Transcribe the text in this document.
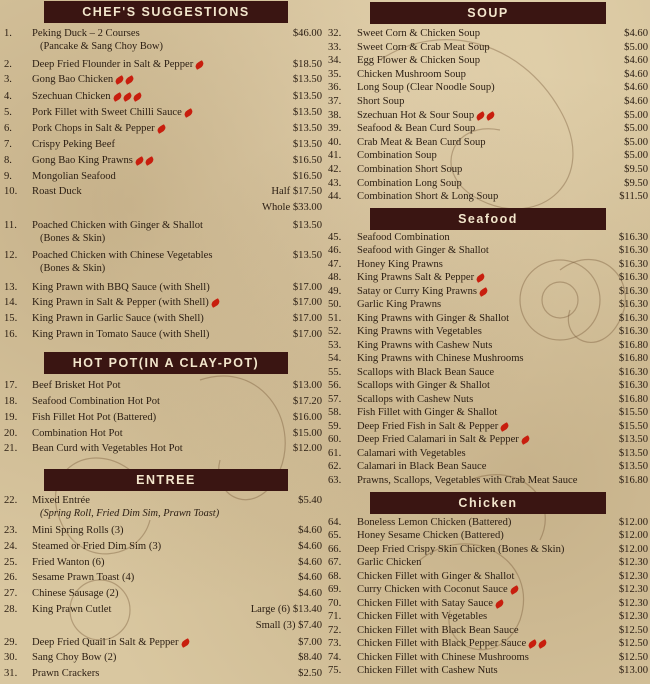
CHEF'S SUGGESTIONS
1.	Peking Duck – 2 Courses	$46.00
(Pancake & Sang Choy Bow)
2.	Deep Fried Flounder in Salt & Pepper	$18.50
3.	Gong Bao Chicken	$13.50
4.	Szechuan Chicken	$13.50
5.	Pork Fillet with Sweet Chilli Sauce	$13.50
6.	Pork Chops in Salt & Pepper	$13.50
7.	Crispy Peking Beef	$13.50
8.	Gong Bao King Prawns	$16.50
9.	Mongolian Seafood	$16.50
10.	Roast Duck	Half $17.50
Whole $33.00
11.	Poached Chicken with Ginger & Shallot	$13.50
(Bones & Skin)
12.	Poached Chicken with Chinese Vegetables	$13.50
(Bones & Skin)
13.	King Prawn with BBQ Sauce (with Shell)	$17.00
14.	King Prawn in Salt & Pepper (with Shell)	$17.00
15.	King Prawn in Garlic Sauce (with Shell)	$17.00
16.	King Prawn in Tomato Sauce (with Shell)	$17.00
HOT POT(IN A CLAY-POT)
17.	Beef Brisket Hot Pot	$13.00
18.	Seafood Combination Hot Pot	$17.20
19.	Fish Fillet Hot Pot (Battered)	$16.00
20.	Combination Hot Pot	$15.00
21.	Bean Curd with Vegetables Hot Pot	$12.00
ENTREE
22.	Mixed Entrée	$5.40
(Spring Roll, Fried Dim Sim, Prawn Toast)
23.	Mini Spring Rolls (3)	$4.60
24.	Steamed or Fried Dim Sim (3)	$4.60
25.	Fried Wanton (6)	$4.60
26.	Sesame Prawn Toast (4)	$4.60
27.	Chinese Sausage (2)	$4.60
28.	King Prawn Cutlet	Large (6) $13.40
Small (3) $7.40
29.	Deep Fried Quail in Salt & Pepper	$7.00
30.	Sang Choy Bow (2)	$8.40
31.	Prawn Crackers	$2.50
SOUP
32.	Sweet Corn & Chicken Soup	$4.60
33.	Sweet Corn & Crab Meat Soup	$5.00
34.	Egg Flower & Chicken Soup	$4.60
35.	Chicken Mushroom Soup	$4.60
36.	Long Soup (Clear Noodle Soup)	$4.60
37.	Short Soup	$4.60
38.	Szechuan Hot & Sour Soup	$5.00
39.	Seafood & Bean Curd Soup	$5.00
40.	Crab Meat & Bean Curd Soup	$5.00
41.	Combination Soup	$5.00
42.	Combination Short Soup	$9.50
43.	Combination Long Soup	$9.50
44.	Combination Short & Long Soup	$11.50
Seafood
45.	Seafood Combination	$16.30
46.	Seafood with Ginger & Shallot	$16.30
47.	Honey King Prawns	$16.30
48.	King Prawns Salt & Pepper	$16.30
49.	Satay or Curry King Prawns	$16.30
50.	Garlic King Prawns	$16.30
51.	King Prawns with Ginger & Shallot	$16.30
52.	King Prawns with Vegetables	$16.30
53.	King Prawns with Cashew Nuts	$16.80
54.	King Prawns with Chinese Mushrooms	$16.80
55.	Scallops with Black Bean Sauce	$16.30
56.	Scallops with Ginger & Shallot	$16.30
57.	Scallops with Cashew Nuts	$16.80
58.	Fish Fillet with Ginger & Shallot	$15.50
59.	Deep Fried Fish in Salt & Pepper	$15.50
60.	Deep Fried Calamari in Salt & Pepper	$13.50
61.	Calamari with Vegetables	$13.50
62.	Calamari in Black Bean Sauce	$13.50
63.	Prawns, Scallops, Vegetables with Crab Meat Sauce	$16.80
Chicken
64.	Boneless Lemon Chicken (Battered)	$12.00
65.	Honey Sesame Chicken (Battered)	$12.00
66.	Deep Fried Crispy Skin Chicken (Bones & Skin)	$12.00
67.	Garlic Chicken	$12.30
68.	Chicken Fillet with Ginger & Shallot	$12.30
69.	Curry Chicken with Coconut Sauce	$12.30
70.	Chicken Fillet with Satay Sauce	$12.30
71.	Chicken Fillet with Vegetables	$12.30
72.	Chicken Fillet with Black Bean Sauce	$12.50
73.	Chicken Fillet with Black Pepper Sauce	$12.50
74.	Chicken Fillet with Chinese Mushrooms	$12.50
75.	Chicken Fillet with Cashew Nuts	$13.00
